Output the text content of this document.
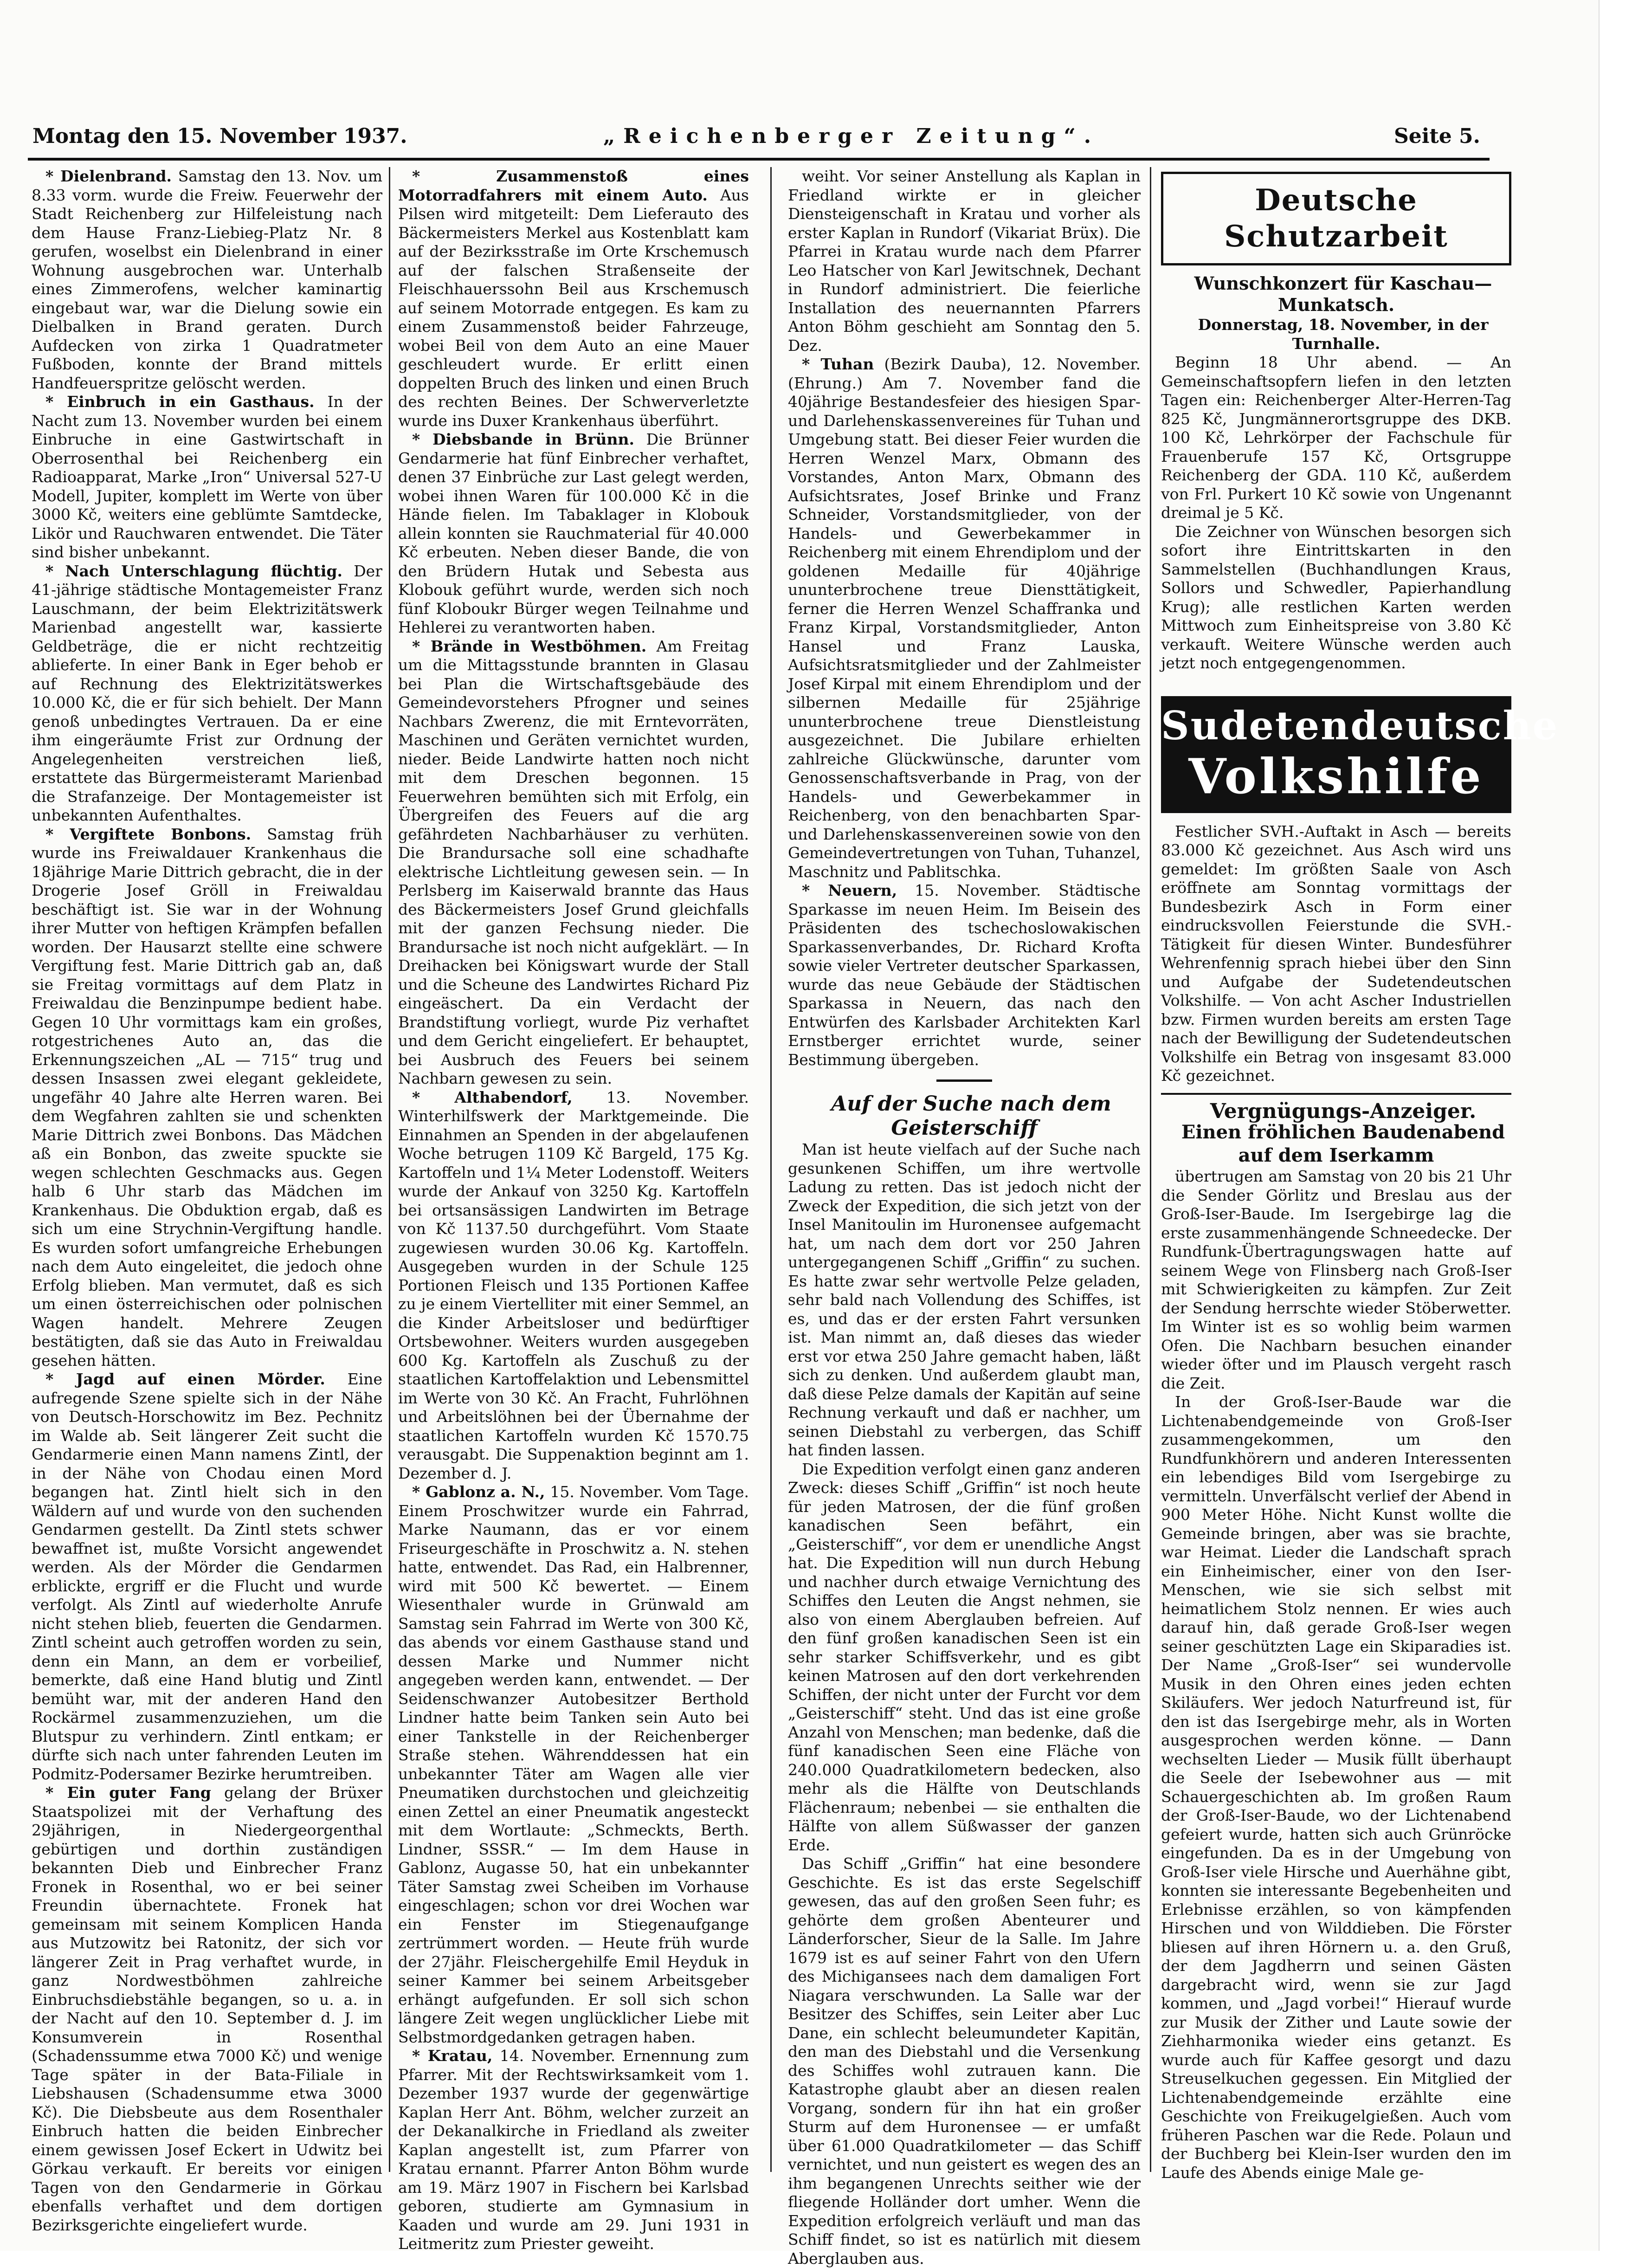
Montag den 15. November 1937.	„Reichenberger Zeitung“.	Seite 5.

* Dielenbrand. Samstag den 13. Nov. um 8.33 vorm. wurde die Freiw. Feuerwehr der Stadt Reichenberg zur Hilfeleistung nach dem Hause Franz-Liebieg-Platz Nr. 8 gerufen, woselbst ein Dielenbrand in einer Wohnung ausgebrochen war. Unterhalb eines Zimmerofens, welcher kaminartig eingebaut war, war die Dielung sowie ein Dielbalken in Brand geraten. Durch Aufdecken von zirka 1 Quadratmeter Fußboden, konnte der Brand mittels Handfeuerspritze gelöscht werden.

* Einbruch in ein Gasthaus. In der Nacht zum 13. November wurden bei einem Einbruche in eine Gastwirtschaft in Oberrosenthal bei Reichenberg ein Radioapparat, Marke „Iron“ Universal 527-U Modell, Jupiter, komplett im Werte von über 3000 Kč, weiters eine geblümte Samtdecke, Likör und Rauchwaren entwendet. Die Täter sind bisher unbekannt.

* Nach Unterschlagung flüchtig. Der 41-jährige städtische Montagemeister Franz Lauschmann, der beim Elektrizitätswerk Marienbad angestellt war, kassierte Geldbeträge, die er nicht rechtzeitig ablieferte. In einer Bank in Eger behob er auf Rechnung des Elektrizitätswerkes 10.000 Kč, die er für sich behielt. Der Mann genoß unbedingtes Vertrauen. Da er eine ihm eingeräumte Frist zur Ordnung der Angelegenheiten verstreichen ließ, erstattete das Bürgermeisteramt Marienbad die Strafanzeige. Der Montagemeister ist unbekannten Aufenthaltes.

* Vergiftete Bonbons. Samstag früh wurde ins Freiwaldauer Krankenhaus die 18jährige Marie Dittrich gebracht, die in der Drogerie Josef Gröll in Freiwaldau beschäftigt ist. Sie war in der Wohnung ihrer Mutter von heftigen Krämpfen befallen worden. Der Hausarzt stellte eine schwere Vergiftung fest. Marie Dittrich gab an, daß sie Freitag vormittags auf dem Platz in Freiwaldau die Benzinpumpe bedient habe. Gegen 10 Uhr vormittags kam ein großes, rotgestrichenes Auto an, das die Erkennungszeichen „AL — 715“ trug und dessen Insassen zwei elegant gekleidete, ungefähr 40 Jahre alte Herren waren. Bei dem Wegfahren zahlten sie und schenkten Marie Dittrich zwei Bonbons. Das Mädchen aß ein Bonbon, das zweite spuckte sie wegen schlechten Geschmacks aus. Gegen halb 6 Uhr starb das Mädchen im Krankenhaus. Die Obduktion ergab, daß es sich um eine Strychnin-Vergiftung handle. Es wurden sofort umfangreiche Erhebungen nach dem Auto eingeleitet, die jedoch ohne Erfolg blieben. Man vermutet, daß es sich um einen österreichischen oder polnischen Wagen handelt. Mehrere Zeugen bestätigten, daß sie das Auto in Freiwaldau gesehen hätten.

* Jagd auf einen Mörder. Eine aufregende Szene spielte sich in der Nähe von Deutsch-Horschowitz im Bez. Pechnitz im Walde ab. Seit längerer Zeit sucht die Gendarmerie einen Mann namens Zintl, der in der Nähe von Chodau einen Mord begangen hat. Zintl hielt sich in den Wäldern auf und wurde von den suchenden Gendarmen gestellt. Da Zintl stets schwer bewaffnet ist, mußte Vorsicht angewendet werden. Als der Mörder die Gendarmen erblickte, ergriff er die Flucht und wurde verfolgt. Als Zintl auf wiederholte Anrufe nicht stehen blieb, feuerten die Gendarmen. Zintl scheint auch getroffen worden zu sein, denn ein Mann, an dem er vorbeilief, bemerkte, daß eine Hand blutig und Zintl bemüht war, mit der anderen Hand den Rockärmel zusammenzuziehen, um die Blutspur zu verhindern. Zintl entkam; er dürfte sich nach unter fahrenden Leuten im Podmitz-Podersamer Bezirke herumtreiben.

* Ein guter Fang gelang der Brüxer Staatspolizei mit der Verhaftung des 29jährigen, in Niedergeorgenthal gebürtigen und dorthin zuständigen bekannten Dieb und Einbrecher Franz Fronek in Rosenthal, wo er bei seiner Freundin übernachtete. Fronek hat gemeinsam mit seinem Komplicen Handa aus Mutzowitz bei Ratonitz, der sich vor längerer Zeit in Prag verhaftet wurde, in ganz Nordwestböhmen zahlreiche Einbruchsdiebstähle begangen, so u. a. in der Nacht auf den 10. September d. J. im Konsumverein in Rosenthal (Schadenssumme etwa 7000 Kč) und wenige Tage später in der Bata-Filiale in Liebshausen (Schadensumme etwa 3000 Kč). Die Diebsbeute aus dem Rosenthaler Einbruch hatten die beiden Einbrecher einem gewissen Josef Eckert in Udwitz bei Görkau verkauft. Er bereits vor einigen Tagen von den Gendarmerie in Görkau ebenfalls verhaftet und dem dortigen Bezirksgerichte eingeliefert wurde.

* Zusammenstoß eines Motorradfahrers mit einem Auto. Aus Pilsen wird mitgeteilt: Dem Lieferauto des Bäckermeisters Merkel aus Kostenblatt kam auf der Bezirksstraße im Orte Krschemusch auf der falschen Straßenseite der Fleischhauerssohn Beil aus Krschemusch auf seinem Motorrade entgegen. Es kam zu einem Zusammenstoß beider Fahrzeuge, wobei Beil von dem Auto an eine Mauer geschleudert wurde. Er erlitt einen doppelten Bruch des linken und einen Bruch des rechten Beines. Der Schwerverletzte wurde ins Duxer Krankenhaus überführt.

* Diebsbande in Brünn. Die Brünner Gendarmerie hat fünf Einbrecher verhaftet, denen 37 Einbrüche zur Last gelegt werden, wobei ihnen Waren für 100.000 Kč in die Hände fielen. Im Tabaklager in Klobouk allein konnten sie Rauchmaterial für 40.000 Kč erbeuten. Neben dieser Bande, die von den Brüdern Hutak und Sebesta aus Klobouk geführt wurde, werden sich noch fünf Kloboukr Bürger wegen Teilnahme und Hehlerei zu verantworten haben.

* Brände in Westböhmen. Am Freitag um die Mittagsstunde brannten in Glasau bei Plan die Wirtschaftsgebäude des Gemeindevorstehers Pfrogner und seines Nachbars Zwerenz, die mit Erntevorräten, Maschinen und Geräten vernichtet wurden, nieder. Beide Landwirte hatten noch nicht mit dem Dreschen begonnen. 15 Feuerwehren bemühten sich mit Erfolg, ein Übergreifen des Feuers auf die arg gefährdeten Nachbarhäuser zu verhüten. Die Brandursache soll eine schadhafte elektrische Lichtleitung gewesen sein. — In Perlsberg im Kaiserwald brannte das Haus des Bäckermeisters Josef Grund gleichfalls mit der ganzen Fechsung nieder. Die Brandursache ist noch nicht aufgeklärt. — In Dreihacken bei Königswart wurde der Stall und die Scheune des Landwirtes Richard Piz eingeäschert. Da ein Verdacht der Brandstiftung vorliegt, wurde Piz verhaftet und dem Gericht eingeliefert. Er behauptet, bei Ausbruch des Feuers bei seinem Nachbarn gewesen zu sein.

* Althabendorf, 13. November. Winterhilfswerk der Marktgemeinde. Die Einnahmen an Spenden in der abgelaufenen Woche betrugen 1109 Kč Bargeld, 175 Kg. Kartoffeln und 1¼ Meter Lodenstoff. Weiters wurde der Ankauf von 3250 Kg. Kartoffeln bei ortsansässigen Landwirten im Betrage von Kč 1137.50 durchgeführt. Vom Staate zugewiesen wurden 30.06 Kg. Kartoffeln. Ausgegeben wurden in der Schule 125 Portionen Fleisch und 135 Portionen Kaffee zu je einem Viertelliter mit einer Semmel, an die Kinder Arbeitsloser und bedürftiger Ortsbewohner. Weiters wurden ausgegeben 600 Kg. Kartoffeln als Zuschuß zu der staatlichen Kartoffelaktion und Lebensmittel im Werte von 30 Kč. An Fracht, Fuhrlöhnen und Arbeitslöhnen bei der Übernahme der staatlichen Kartoffeln wurden Kč 1570.75 verausgabt. Die Suppenaktion beginnt am 1. Dezember d. J.

* Gablonz a. N., 15. November. Vom Tage. Einem Proschwitzer wurde ein Fahrrad, Marke Naumann, das er vor einem Friseurgeschäfte in Proschwitz a. N. stehen hatte, entwendet. Das Rad, ein Halbrenner, wird mit 500 Kč bewertet. — Einem Wiesenthaler wurde in Grünwald am Samstag sein Fahrrad im Werte von 300 Kč, das abends vor einem Gasthause stand und dessen Marke und Nummer nicht angegeben werden kann, entwendet. — Der Seidenschwanzer Autobesitzer Berthold Lindner hatte beim Tanken sein Auto bei einer Tankstelle in der Reichenberger Straße stehen. Währenddessen hat ein unbekannter Täter am Wagen alle vier Pneumatiken durchstochen und gleichzeitig einen Zettel an einer Pneumatik angesteckt mit dem Wortlaute: „Schmeckts, Berth. Lindner, SSSR.“ — Im dem Hause in Gablonz, Augasse 50, hat ein unbekannter Täter Samstag zwei Scheiben im Vorhause eingeschlagen; schon vor drei Wochen war ein Fenster im Stiegenaufgange zertrümmert worden. — Heute früh wurde der 27jähr. Fleischergehilfe Emil Heyduk in seiner Kammer bei seinem Arbeitsgeber erhängt aufgefunden. Er soll sich schon längere Zeit wegen unglücklicher Liebe mit Selbstmordgedanken getragen haben.

* Kratau, 14. November. Ernennung zum Pfarrer. Mit der Rechtswirksamkeit vom 1. Dezember 1937 wurde der gegenwärtige Kaplan Herr Ant. Böhm, welcher zurzeit an der Dekanalkirche in Friedland als zweiter Kaplan angestellt ist, zum Pfarrer von Kratau ernannt. Pfarrer Anton Böhm wurde am 19. März 1907 in Fischern bei Karlsbad geboren, studierte am Gymnasium in Kaaden und wurde am 29. Juni 1931 in Leitmeritz zum Priester geweiht.

weiht. Vor seiner Anstellung als Kaplan in Friedland wirkte er in gleicher Diensteigenschaft in Kratau und vorher als erster Kaplan in Rundorf (Vikariat Brüx). Die Pfarrei in Kratau wurde nach dem Pfarrer Leo Hatscher von Karl Jewitschnek, Dechant in Rundorf administriert. Die feierliche Installation des neuernannten Pfarrers Anton Böhm geschieht am Sonntag den 5. Dez.

* Tuhan (Bezirk Dauba), 12. November. (Ehrung.) Am 7. November fand die 40jährige Bestandesfeier des hiesigen Spar- und Darlehenskassenvereines für Tuhan und Umgebung statt. Bei dieser Feier wurden die Herren Wenzel Marx, Obmann des Vorstandes, Anton Marx, Obmann des Aufsichtsrates, Josef Brinke und Franz Schneider, Vorstandsmitglieder, von der Handels- und Gewerbekammer in Reichenberg mit einem Ehrendiplom und der goldenen Medaille für 40jährige ununterbrochene treue Diensttätigkeit, ferner die Herren Wenzel Schaffranka und Franz Kirpal, Vorstandsmitglieder, Anton Hansel und Franz Lauska, Aufsichtsratsmitglieder und der Zahlmeister Josef Kirpal mit einem Ehrendiplom und der silbernen Medaille für 25jährige ununterbrochene treue Dienstleistung ausgezeichnet. Die Jubilare erhielten zahlreiche Glückwünsche, darunter vom Genossenschaftsverbande in Prag, von der Handels- und Gewerbekammer in Reichenberg, von den benachbarten Spar- und Darlehenskassenvereinen sowie von den Gemeindevertretungen von Tuhan, Tuhanzel, Maschnitz und Pablitschka.

* Neuern, 15. November. Städtische Sparkasse im neuen Heim. Im Beisein des Präsidenten des tschechoslowakischen Sparkassenverbandes, Dr. Richard Krofta sowie vieler Vertreter deutscher Sparkassen, wurde das neue Gebäude der Städtischen Sparkassa in Neuern, das nach den Entwürfen des Karlsbader Architekten Karl Ernstberger errichtet wurde, seiner Bestimmung übergeben.

Auf der Suche nach dem Geisterschiff

Man ist heute vielfach auf der Suche nach gesunkenen Schiffen, um ihre wertvolle Ladung zu retten. Das ist jedoch nicht der Zweck der Expedition, die sich jetzt von der Insel Manitoulin im Huronensee aufgemacht hat, um nach dem dort vor 250 Jahren untergegangenen Schiff „Griffin“ zu suchen. Es hatte zwar sehr wertvolle Pelze geladen, sehr bald nach Vollendung des Schiffes, ist es, und das er der ersten Fahrt versunken ist. Man nimmt an, daß dieses das wieder erst vor etwa 250 Jahre gemacht haben, läßt sich zu denken. Und außerdem glaubt man, daß diese Pelze damals der Kapitän auf seine Rechnung verkauft und daß er nachher, um seinen Diebstahl zu verbergen, das Schiff hat finden lassen.

Die Expedition verfolgt einen ganz anderen Zweck: dieses Schiff „Griffin“ ist noch heute für jeden Matrosen, der die fünf großen kanadischen Seen befährt, ein „Geisterschiff“, vor dem er unendliche Angst hat. Die Expedition will nun durch Hebung und nachher durch etwaige Vernichtung des Schiffes den Leuten die Angst nehmen, sie also von einem Aberglauben befreien. Auf den fünf großen kanadischen Seen ist ein sehr starker Schiffsverkehr, und es gibt keinen Matrosen auf den dort verkehrenden Schiffen, der nicht unter der Furcht vor dem „Geisterschiff“ steht. Und das ist eine große Anzahl von Menschen; man bedenke, daß die fünf kanadischen Seen eine Fläche von 240.000 Quadratkilometern bedecken, also mehr als die Hälfte von Deutschlands Flächenraum; nebenbei — sie enthalten die Hälfte von allem Süßwasser der ganzen Erde.

Das Schiff „Griffin“ hat eine besondere Geschichte. Es ist das erste Segelschiff gewesen, das auf den großen Seen fuhr; es gehörte dem großen Abenteurer und Länderforscher, Sieur de la Salle. Im Jahre 1679 ist es auf seiner Fahrt von den Ufern des Michigansees nach dem damaligen Fort Niagara verschwunden. La Salle war der Besitzer des Schiffes, sein Leiter aber Luc Dane, ein schlecht beleumundeter Kapitän, den man des Diebstahl und die Versenkung des Schiffes wohl zutrauen kann. Die Katastrophe glaubt aber an diesen realen Vorgang, sondern für ihn hat ein großer Sturm auf dem Huronensee — er umfaßt über 61.000 Quadratkilometer — das Schiff vernichtet, und nun geistert es wegen des an ihm begangenen Unrechts seither wie der fliegende Holländer dort umher. Wenn die Expedition erfolgreich verläuft und man das Schiff findet, so ist es natürlich mit diesem Aberglauben aus.

Deutsche Schutzarbeit

Wunschkonzert für Kaschau—Munkatsch.

Donnerstag, 18. November, in der Turnhalle.

Beginn 18 Uhr abend. — An Gemeinschaftsopfern liefen in den letzten Tagen ein: Reichenberger Alter-Herren-Tag 825 Kč, Jungmännerortsgruppe des DKB. 100 Kč, Lehrkörper der Fachschule für Frauenberufe 157 Kč, Ortsgruppe Reichenberg der GDA. 110 Kč, außerdem von Frl. Purkert 10 Kč sowie von Ungenannt dreimal je 5 Kč.

Die Zeichner von Wünschen besorgen sich sofort ihre Eintrittskarten in den Sammelstellen (Buchhandlungen Kraus, Sollors und Schwedler, Papierhandlung Krug); alle restlichen Karten werden Mittwoch zum Einheitspreise von 3.80 Kč verkauft. Weitere Wünsche werden auch jetzt noch entgegengenommen.

Sudetendeutsche
Volkshilfe

Festlicher SVH.-Auftakt in Asch — bereits 83.000 Kč gezeichnet. Aus Asch wird uns gemeldet: Im größten Saale von Asch eröffnete am Sonntag vormittags der Bundesbezirk Asch in Form einer eindrucksvollen Feierstunde die SVH.-Tätigkeit für diesen Winter. Bundesführer Wehrenfennig sprach hiebei über den Sinn und Aufgabe der Sudetendeutschen Volkshilfe. — Von acht Ascher Industriellen bzw. Firmen wurden bereits am ersten Tage nach der Bewilligung der Sudetendeutschen Volkshilfe ein Betrag von insgesamt 83.000 Kč gezeichnet.

Vergnügungs-Anzeiger.

Einen fröhlichen Baudenabend auf dem Iserkamm

übertrugen am Samstag von 20 bis 21 Uhr die Sender Görlitz und Breslau aus der Groß-Iser-Baude. Im Isergebirge lag die erste zusammenhängende Schneedecke. Der Rundfunk-Übertragungswagen hatte auf seinem Wege von Flinsberg nach Groß-Iser mit Schwierigkeiten zu kämpfen. Zur Zeit der Sendung herrschte wieder Stöberwetter. Im Winter ist es so wohlig beim warmen Ofen. Die Nachbarn besuchen einander wieder öfter und im Plausch vergeht rasch die Zeit.

In der Groß-Iser-Baude war die Lichtenabendgemeinde von Groß-Iser zusammengekommen, um den Rundfunkhörern und anderen Interessenten ein lebendiges Bild vom Isergebirge zu vermitteln. Unverfälscht verlief der Abend in 900 Meter Höhe. Nicht Kunst wollte die Gemeinde bringen, aber was sie brachte, war Heimat. Lieder die Landschaft sprach ein Einheimischer, einer von den Iser-Menschen, wie sie sich selbst mit heimatlichem Stolz nennen. Er wies auch darauf hin, daß gerade Groß-Iser wegen seiner geschützten Lage ein Skiparadies ist. Der Name „Groß-Iser“ sei wundervolle Musik in den Ohren eines jeden echten Skiläufers. Wer jedoch Naturfreund ist, für den ist das Isergebirge mehr, als in Worten ausgesprochen werden könne. — Dann wechselten Lieder — Musik füllt überhaupt die Seele der Isebewohner aus — mit Schauergeschichten ab. Im großen Raum der Groß-Iser-Baude, wo der Lichtenabend gefeiert wurde, hatten sich auch Grünröcke eingefunden. Da es in der Umgebung von Groß-Iser viele Hirsche und Auerhähne gibt, konnten sie interessante Begebenheiten und Erlebnisse erzählen, so von kämpfenden Hirschen und von Wilddieben. Die Förster bliesen auf ihren Hörnern u. a. den Gruß, der dem Jagdherrn und seinen Gästen dargebracht wird, wenn sie zur Jagd kommen, und „Jagd vorbei!“ Hierauf wurde zur Musik der Zither und Laute sowie der Ziehharmonika wieder eins getanzt. Es wurde auch für Kaffee gesorgt und dazu Streuselkuchen gegessen. Ein Mitglied der Lichtenabendgemeinde erzählte eine Geschichte von Freikugelgießen. Auch vom früheren Paschen war die Rede. Polaun und der Buchberg bei Klein-Iser wurden den im Laufe des Abends einige Male ge-
